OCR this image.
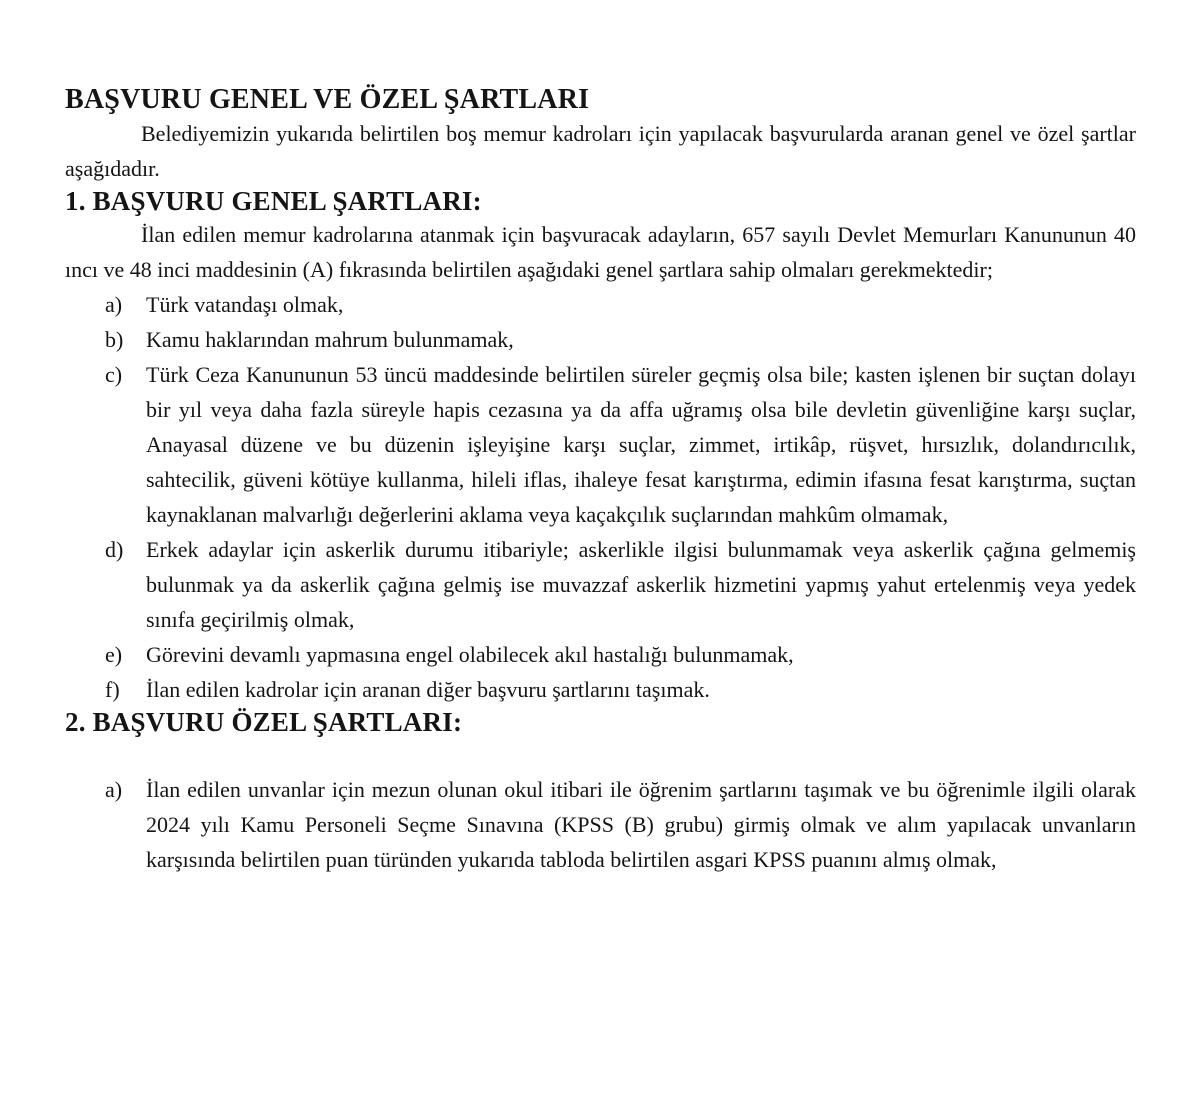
BAŞVURU GENEL VE ÖZEL ŞARTLARI

Belediyemizin yukarıda belirtilen boş memur kadroları için yapılacak başvurularda aranan genel ve özel şartlar aşağıdadır.

1. BAŞVURU GENEL ŞARTLARI:

İlan edilen memur kadrolarına atanmak için başvuracak adayların, 657 sayılı Devlet Memurları Kanununun 40 ıncı ve 48 inci maddesinin (A) fıkrasında belirtilen aşağıdaki genel şartlara sahip olmaları gerekmektedir;

a)	Türk vatandaşı olmak,
b)	Kamu haklarından mahrum bulunmamak,
c)	Türk Ceza Kanununun 53 üncü maddesinde belirtilen süreler geçmiş olsa bile; kasten işlenen bir suçtan dolayı bir yıl veya daha fazla süreyle hapis cezasına ya da affa uğramış olsa bile devletin güvenliğine karşı suçlar, Anayasal düzene ve bu düzenin işleyişine karşı suçlar, zimmet, irtikâp, rüşvet, hırsızlık, dolandırıcılık, sahtecilik, güveni kötüye kullanma, hileli iflas, ihaleye fesat karıştırma, edimin ifasına fesat karıştırma, suçtan kaynaklanan malvarlığı değerlerini aklama veya kaçakçılık suçlarından mahkûm olmamak,
d)	Erkek adaylar için askerlik durumu itibariyle; askerlikle ilgisi bulunmamak veya askerlik çağına gelmemiş bulunmak ya da askerlik çağına gelmiş ise muvazzaf askerlik hizmetini yapmış yahut ertelenmiş veya yedek sınıfa geçirilmiş olmak,
e)	Görevini devamlı yapmasına engel olabilecek akıl hastalığı bulunmamak,
f)	İlan edilen kadrolar için aranan diğer başvuru şartlarını taşımak.
2. BAŞVURU ÖZEL ŞARTLARI:
a)	İlan edilen unvanlar için mezun olunan okul itibari ile öğrenim şartlarını taşımak ve bu öğrenimle ilgili olarak 2024 yılı Kamu Personeli Seçme Sınavına (KPSS (B) grubu) girmiş olmak ve alım yapılacak unvanların karşısında belirtilen puan türünden yukarıda tabloda belirtilen asgari KPSS puanını almış olmak,
